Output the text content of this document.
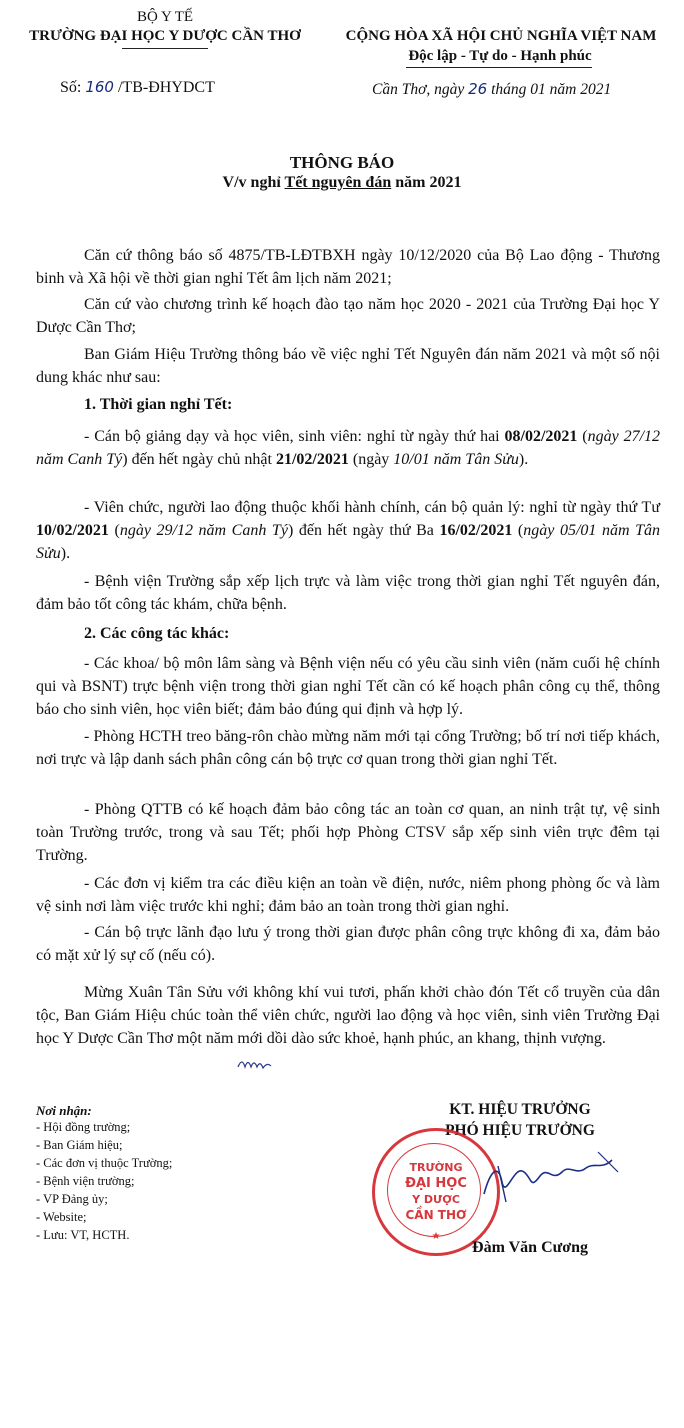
BỘ Y TẾ
TRƯỜNG ĐẠI HỌC Y DƯỢC CẦN THƠ
Số: 160 /TB-ĐHYDCT
CỘNG HÒA XÃ HỘI CHỦ NGHĨA VIỆT NAM
Độc lập - Tự do - Hạnh phúc
Cần Thơ, ngày 26 tháng 01 năm 2021
THÔNG BÁO
V/v nghỉ Tết nguyên đán năm 2021
Căn cứ thông báo số 4875/TB-LĐTBXH ngày 10/12/2020 của Bộ Lao động - Thương binh và Xã hội về thời gian nghỉ Tết âm lịch năm 2021;
Căn cứ vào chương trình kế hoạch đào tạo năm học 2020 - 2021 của Trường Đại học Y Dược Cần Thơ;
Ban Giám Hiệu Trường thông báo về việc nghỉ Tết Nguyên đán năm 2021 và một số nội dung khác như sau:
1. Thời gian nghỉ Tết:
- Cán bộ giảng dạy và học viên, sinh viên: nghỉ từ ngày thứ hai 08/02/2021 (ngày 27/12 năm Canh Tý) đến hết ngày chủ nhật 21/02/2021 (ngày 10/01 năm Tân Sửu).
- Viên chức, người lao động thuộc khối hành chính, cán bộ quản lý: nghỉ từ ngày thứ Tư 10/02/2021 (ngày 29/12 năm Canh Tý) đến hết ngày thứ Ba 16/02/2021 (ngày 05/01 năm Tân Sửu).
- Bệnh viện Trường sắp xếp lịch trực và làm việc trong thời gian nghỉ Tết nguyên đán, đảm bảo tốt công tác khám, chữa bệnh.
2. Các công tác khác:
- Các khoa/ bộ môn lâm sàng và Bệnh viện nếu có yêu cầu sinh viên (năm cuối hệ chính qui và BSNT) trực bệnh viện trong thời gian nghỉ Tết cần có kế hoạch phân công cụ thể, thông báo cho sinh viên, học viên biết; đảm bảo đúng qui định và hợp lý.
- Phòng HCTH treo băng-rôn chào mừng năm mới tại cổng Trường; bố trí nơi tiếp khách, nơi trực và lập danh sách phân công cán bộ trực cơ quan trong thời gian nghỉ Tết.
- Phòng QTTB có kế hoạch đảm bảo công tác an toàn cơ quan, an ninh trật tự, vệ sinh toàn Trường trước, trong và sau Tết; phối hợp Phòng CTSV sắp xếp sinh viên trực đêm tại Trường.
- Các đơn vị kiểm tra các điều kiện an toàn về điện, nước, niêm phong phòng ốc và làm vệ sinh nơi làm việc trước khi nghỉ; đảm bảo an toàn trong thời gian nghỉ.
- Cán bộ trực lãnh đạo lưu ý trong thời gian được phân công trực không đi xa, đảm bảo có mặt xử lý sự cố (nếu có).
Mừng Xuân Tân Sửu với không khí vui tươi, phấn khởi chào đón Tết cổ truyền của dân tộc, Ban Giám Hiệu chúc toàn thể viên chức, người lao động và học viên, sinh viên Trường Đại học Y Dược Cần Thơ một năm mới dồi dào sức khoẻ, hạnh phúc, an khang, thịnh vượng.
Nơi nhận:
- Hội đồng trường;
- Ban Giám hiệu;
- Các đơn vị thuộc Trường;
- Bệnh viện trường;
- VP Đảng ủy;
- Website;
- Lưu: VT, HCTH.
KT. HIỆU TRƯỞNG
PHÓ HIỆU TRƯỞNG
TRƯỜNG
ĐẠI HỌC
Y DƯỢC
CẦN THƠ
★
Đàm Văn Cương
